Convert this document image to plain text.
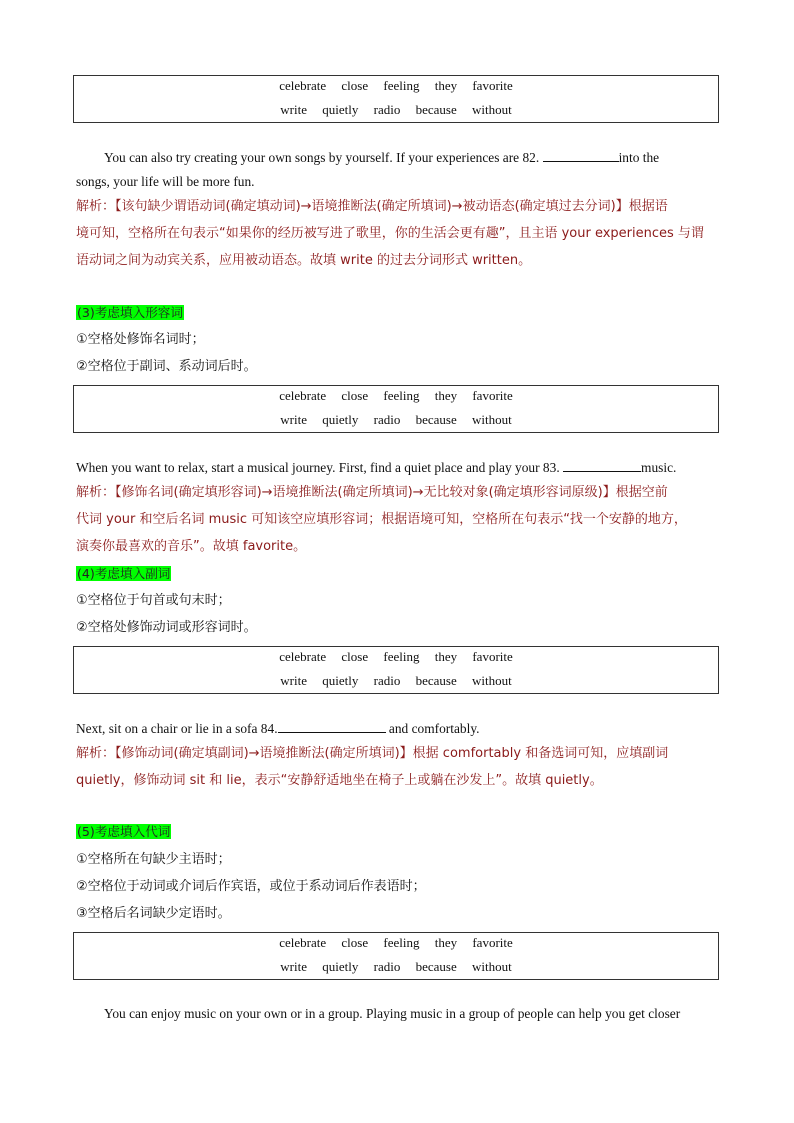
celebrate close feeling they favorite
write quietly radio because without
You can also try creating your own songs by yourself. If your experiences are 82.	into the
songs, your life will be more fun.
解析：【该句缺少谓语动词(确定填动词)→语境推断法(确定所填词)→被动语态(确定填过去分词)】根据语
境可知，空格所在句表示“如果你的经历被写进了歌里，你的生活会更有趣”，且主语 your experiences 与谓
语动词之间为动宾关系，应用被动语态。故填 write 的过去分词形式 written。
(3)考虑填入形容词
①空格处修饰名词时；
②空格位于副词、系动词后时。
celebrate close feeling they favorite
write quietly radio because without
When you want to relax, start a musical journey. First, find a quiet place and play your 83.	music.
解析：【修饰名词(确定填形容词)→语境推断法(确定所填词)→无比较对象(确定填形容词原级)】根据空前
代词 your 和空后名词 music 可知该空应填形容词；根据语境可知，空格所在句表示“找一个安静的地方，
演奏你最喜欢的音乐”。故填 favorite。
(4)考虑填入副词
①空格位于句首或句末时；
②空格处修饰动词或形容词时。
celebrate close feeling they favorite
write quietly radio because without
Next, sit on a chair or lie in a sofa 84.	and comfortably.
解析：【修饰动词(确定填副词)→语境推断法(确定所填词)】根据 comfortably 和备选词可知，应填副词
quietly，修饰动词 sit 和 lie，表示“安静舒适地坐在椅子上或躺在沙发上”。故填 quietly。
(5)考虑填入代词
①空格所在句缺少主语时；
②空格位于动词或介词后作宾语，或位于系动词后作表语时；
③空格后名词缺少定语时。
celebrate close feeling they favorite
write quietly radio because without
You can enjoy music on your own or in a group. Playing music in a group of people can help you get closer
